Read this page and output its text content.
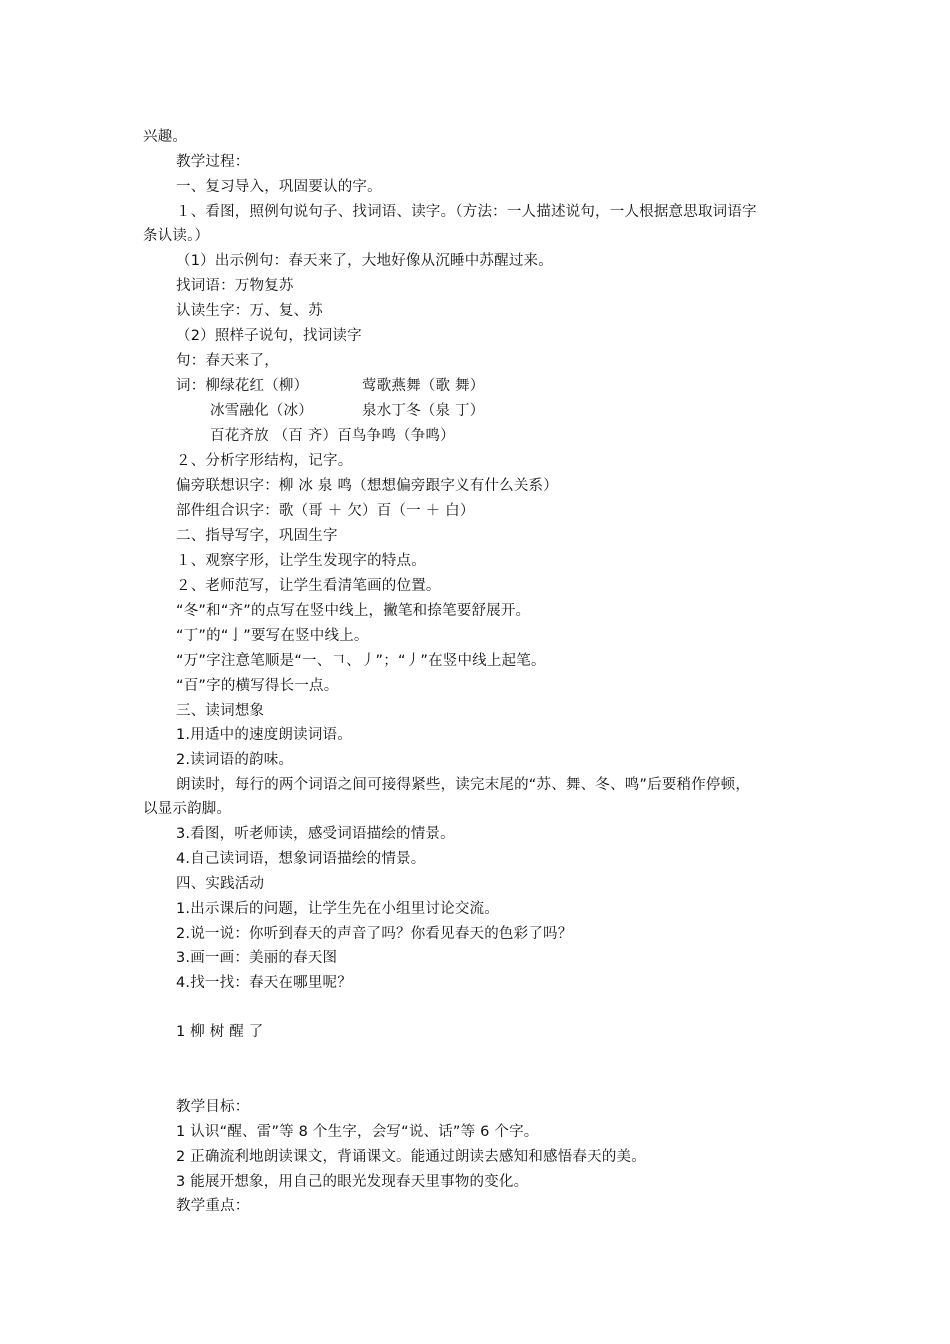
兴趣。
教学过程：
一、复习导入，巩固要认的字。
１、看图，照例句说句子、找词语、读字。（方法：一人描述说句，一人根据意思取词语字
条认读。）
（1）出示例句：春天来了，大地好像从沉睡中苏醒过来。
找词语：万物复苏
认读生字：万、复、苏
（2）照样子说句，找词读字
句：春天来了，
词：柳绿花红（柳）	莺歌燕舞（歌 舞）
冰雪融化（冰）	泉水丁冬（泉 丁）
百花齐放 （百 齐）百鸟争鸣（争鸣）
２、分析字形结构，记字。
偏旁联想识字：柳 冰 泉 鸣（想想偏旁跟字义有什么关系）
部件组合识字：歌（哥 ＋ 欠）百（一 ＋ 白）
二、指导写字，巩固生字
１、观察字形，让学生发现字的特点。
２、老师范写，让学生看清笔画的位置。
“冬”和“齐”的点写在竖中线上，撇笔和捺笔要舒展开。
“丁”的“亅”要写在竖中线上。
“万”字注意笔顺是“一、𠃍、丿”；“丿”在竖中线上起笔。
“百”字的横写得长一点。
三、读词想象
1.用适中的速度朗读词语。
2.读词语的韵味。
朗读时，每行的两个词语之间可接得紧些，读完末尾的“苏、舞、冬、鸣”后要稍作停顿，
以显示韵脚。
3.看图，听老师读，感受词语描绘的情景。
4.自己读词语，想象词语描绘的情景。
四、实践活动
1.出示课后的问题，让学生先在小组里讨论交流。
2.说一说：你听到春天的声音了吗？你看见春天的色彩了吗？
3.画一画：美丽的春天图
4.找一找：春天在哪里呢？
1 柳 树 醒 了
教学目标：
1 认识“醒、雷”等 8 个生字，会写“说、话”等 6 个字。
2 正确流利地朗读课文，背诵课文。能通过朗读去感知和感悟春天的美。
3 能展开想象，用自己的眼光发现春天里事物的变化。
教学重点：
